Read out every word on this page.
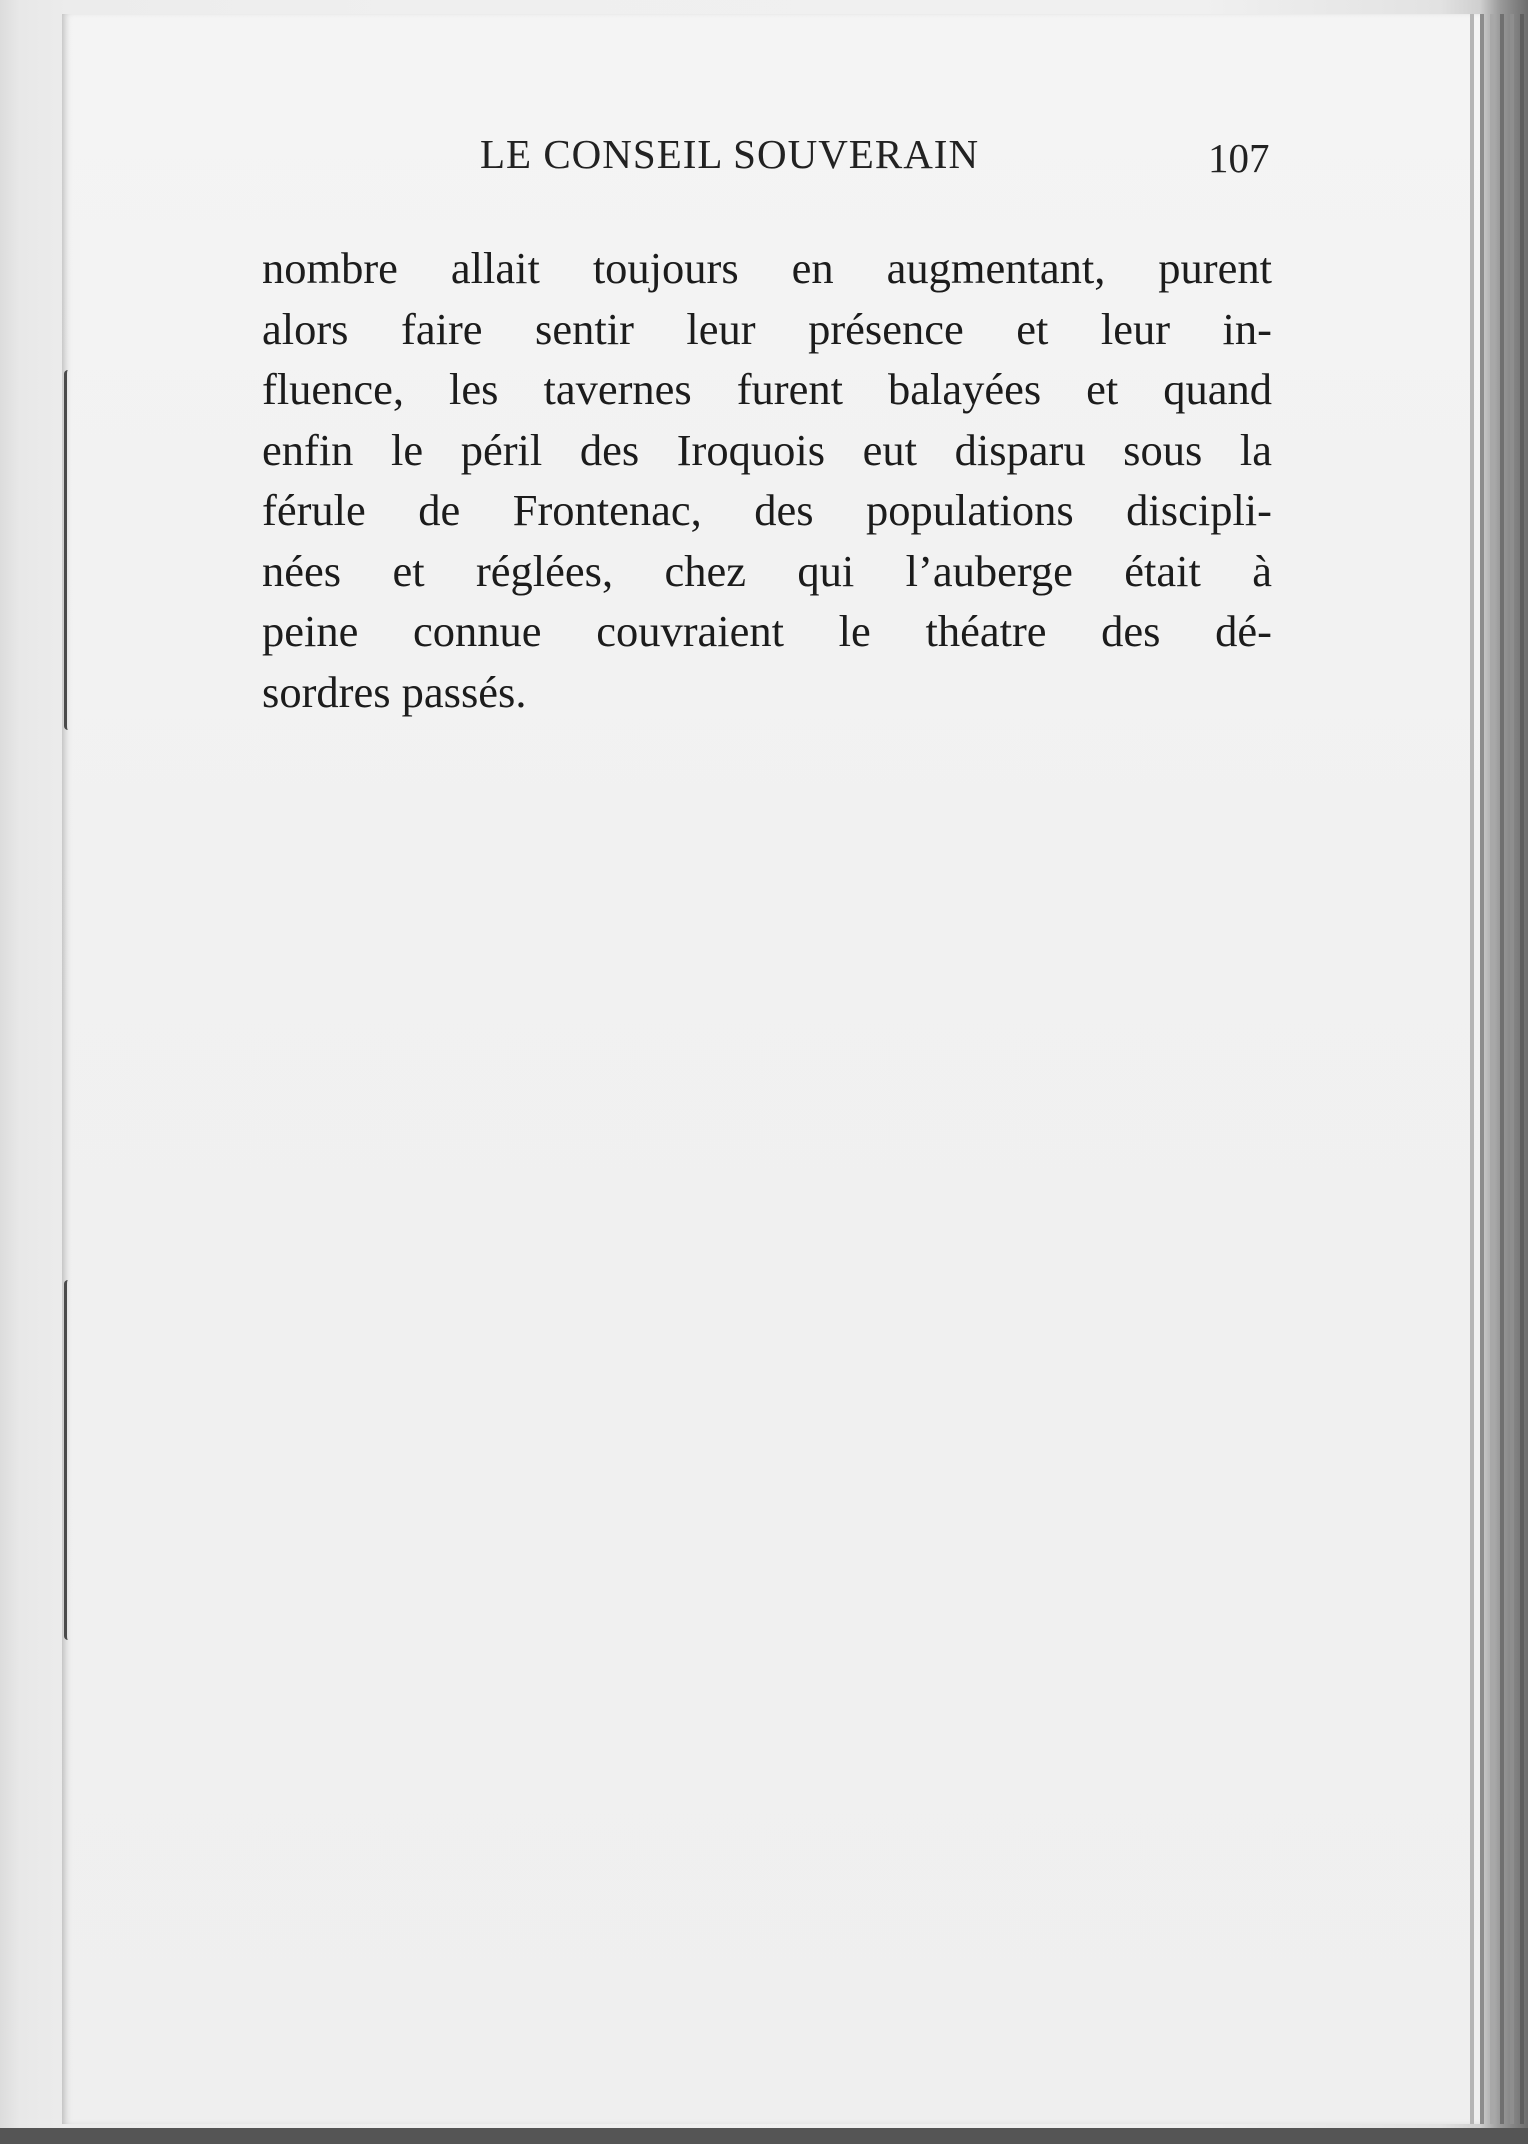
LE CONSEIL SOUVERAIN	107
nombre allait toujours en augmentant, purent
alors faire sentir leur présence et leur in-
fluence, les tavernes furent balayées et quand
enfin le péril des Iroquois eut disparu sous la
férule de Frontenac, des populations discipli-
nées et réglées, chez qui l’auberge était à
peine connue couvraient le théatre des dé-
sordres passés.
